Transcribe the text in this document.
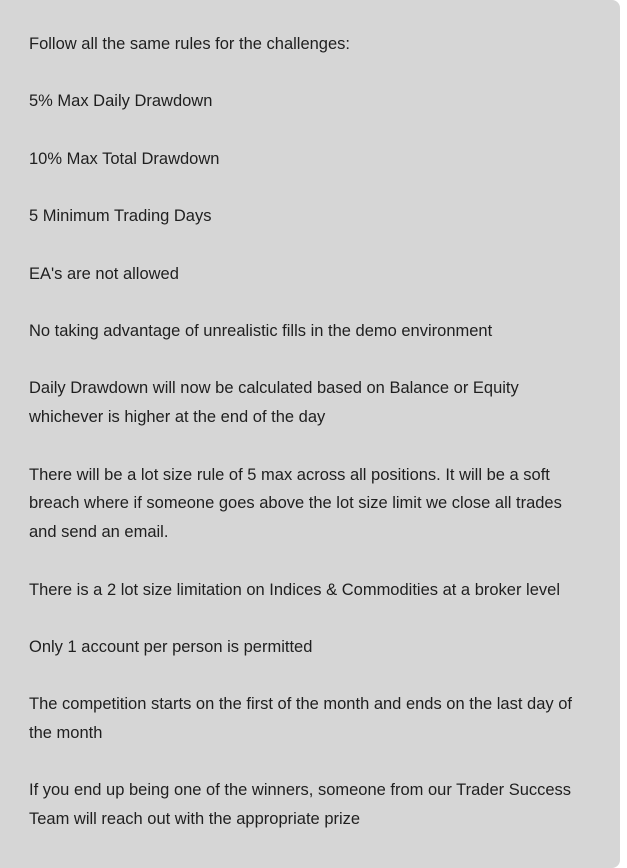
Follow all the same rules for the challenges:

5% Max Daily Drawdown

10% Max Total Drawdown

5 Minimum Trading Days

EA's are not allowed

No taking advantage of unrealistic fills in the demo environment

Daily Drawdown will now be calculated based on Balance or Equity whichever is higher at the end of the day

There will be a lot size rule of 5 max across all positions. It will be a soft breach where if someone goes above the lot size limit we close all trades and send an email.

There is a 2 lot size limitation on Indices & Commodities at a broker level

Only 1 account per person is permitted

The competition starts on the first of the month and ends on the last day of the month

If you end up being one of the winners, someone from our Trader Success Team will reach out with the appropriate prize
